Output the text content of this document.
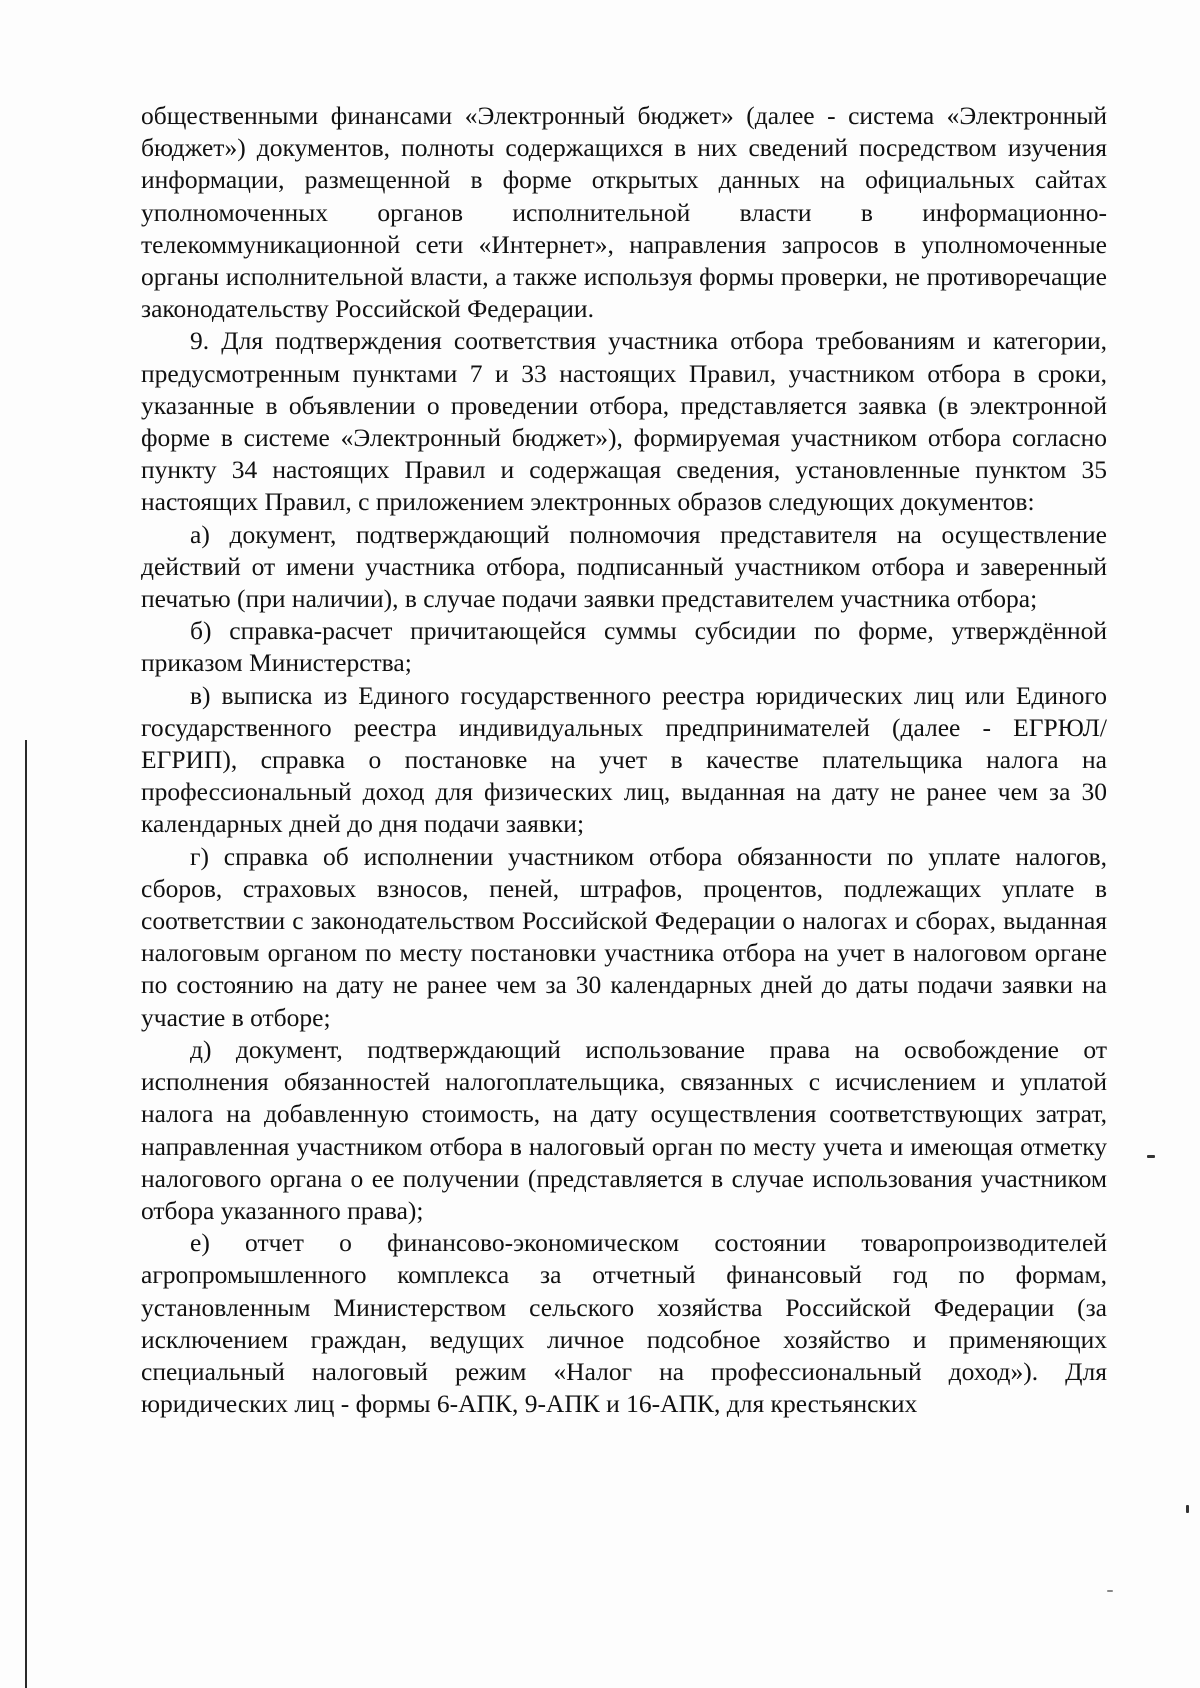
общественными финансами «Электронный бюджет» (далее - система «Электронный бюджет») документов, полноты содержащихся в них сведений посредством изучения информации, размещенной в форме открытых данных на официальных сайтах уполномоченных органов исполнительной власти в информационно-телекоммуникационной сети «Интернет», направления запросов в уполномоченные органы исполнительной власти, а также используя формы проверки, не противоречащие законодательству Российской Федерации.

9. Для подтверждения соответствия участника отбора требованиям и категории, предусмотренным пунктами 7 и 33 настоящих Правил, участником отбора в сроки, указанные в объявлении о проведении отбора, представляется заявка (в электронной форме в системе «Электронный бюджет»), формируемая участником отбора согласно пункту 34 настоящих Правил и содержащая сведения, установленные пунктом 35 настоящих Правил, с приложением электронных образов следующих документов:

а) документ, подтверждающий полномочия представителя на осуществление действий от имени участника отбора, подписанный участником отбора и заверенный печатью (при наличии), в случае подачи заявки представителем участника отбора;

б) справка-расчет причитающейся суммы субсидии по форме, утверждённой приказом Министерства;

в) выписка из Единого государственного реестра юридических лиц или Единого государственного реестра индивидуальных предпринимателей (далее - ЕГРЮЛ/ЕГРИП), справка о постановке на учет в качестве плательщика налога на профессиональный доход для физических лиц, выданная на дату не ранее чем за 30 календарных дней до дня подачи заявки;

г) справка об исполнении участником отбора обязанности по уплате налогов, сборов, страховых взносов, пеней, штрафов, процентов, подлежащих уплате в соответствии с законодательством Российской Федерации о налогах и сборах, выданная налоговым органом по месту постановки участника отбора на учет в налоговом органе по состоянию на дату не ранее чем за 30 календарных дней до даты подачи заявки на участие в отборе;

д) документ, подтверждающий использование права на освобождение от исполнения обязанностей налогоплательщика, связанных с исчислением и уплатой налога на добавленную стоимость, на дату осуществления соответствующих затрат, направленная участником отбора в налоговый орган по месту учета и имеющая отметку налогового органа о ее получении (представляется в случае использования участником отбора указанного права);

е) отчет о финансово-экономическом состоянии товаропроизводителей агропромышленного комплекса за отчетный финансовый год по формам, установленным Министерством сельского хозяйства Российской Федерации (за исключением граждан, ведущих личное подсобное хозяйство и применяющих специальный налоговый режим «Налог на профессиональный доход»). Для юридических лиц - формы 6-АПК, 9-АПК и 16-АПК, для крестьянских
